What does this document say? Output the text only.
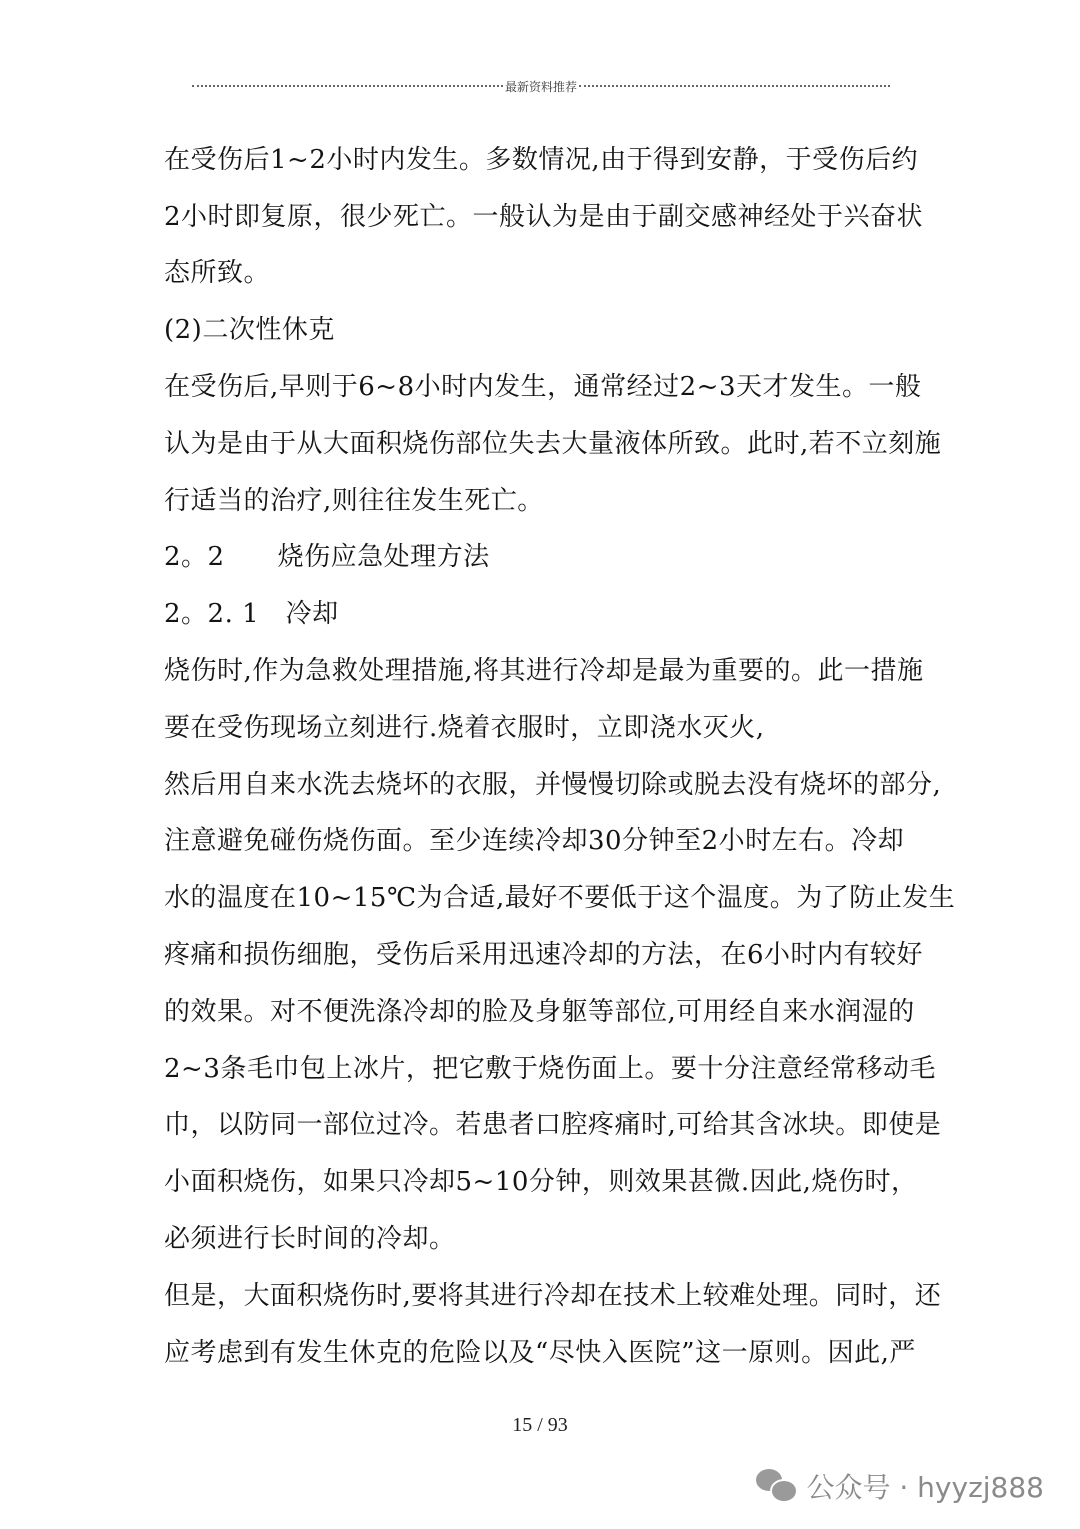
最新资料推荐
在受伤后1~2小时内发生。多数情况,由于得到安静，于受伤后约
2小时即复原，很少死亡。一般认为是由于副交感神经处于兴奋状
态所致。
(2)二次性休克
在受伤后,早则于6~8小时内发生，通常经过2~3天才发生。一般
认为是由于从大面积烧伤部位失去大量液体所致。此时,若不立刻施
行适当的治疗,则往往发生死亡。
2。2　　烧伤应急处理方法
2。2. 1　冷却
烧伤时,作为急救处理措施,将其进行冷却是最为重要的。此一措施
要在受伤现场立刻进行.烧着衣服时，立即浇水灭火,
然后用自来水洗去烧坏的衣服，并慢慢切除或脱去没有烧坏的部分,
注意避免碰伤烧伤面。至少连续冷却30分钟至2小时左右。冷却
水的温度在10~15℃为合适,最好不要低于这个温度。为了防止发生
疼痛和损伤细胞，受伤后采用迅速冷却的方法，在6小时内有较好
的效果。对不便洗涤冷却的脸及身躯等部位,可用经自来水润湿的
2~3条毛巾包上冰片，把它敷于烧伤面上。要十分注意经常移动毛
巾，以防同一部位过冷。若患者口腔疼痛时,可给其含冰块。即使是
小面积烧伤，如果只冷却5~10分钟，则效果甚微.因此,烧伤时，
必须进行长时间的冷却。
但是，大面积烧伤时,要将其进行冷却在技术上较难处理。同时，还
应考虑到有发生休克的危险以及“尽快入医院”这一原则。因此,严
15 / 93
公众号 · hyyzj888
